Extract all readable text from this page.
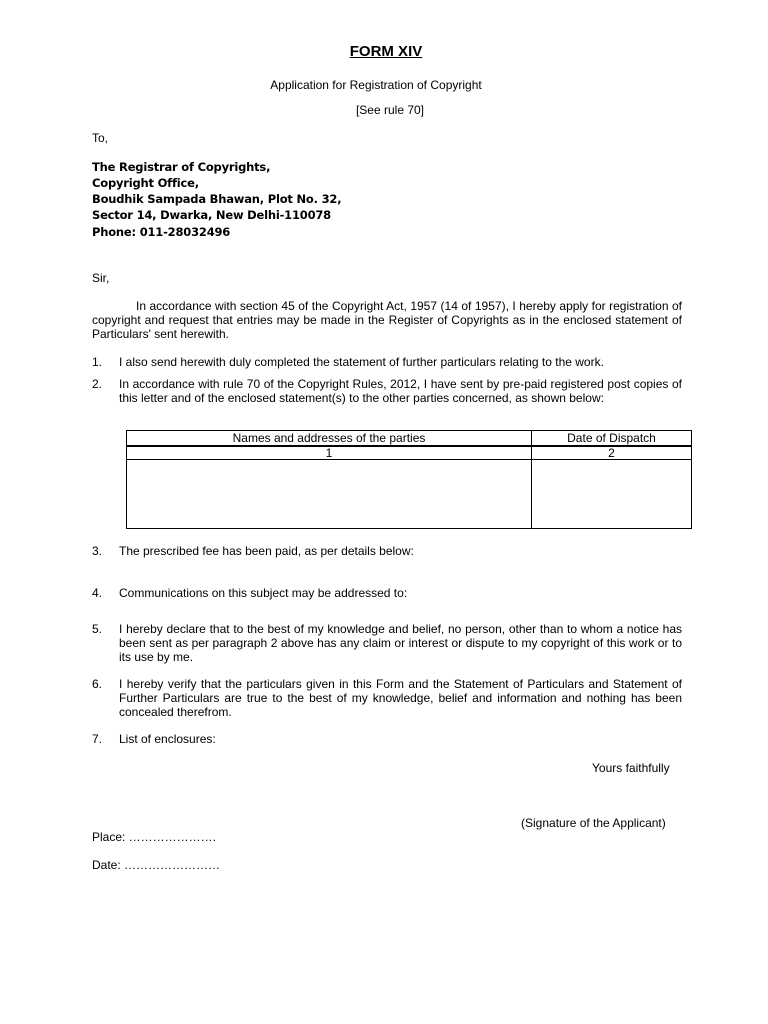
FORM XIV
Application for Registration of Copyright
[See rule 70]
To,
The Registrar of Copyrights,
Copyright Office,
Boudhik Sampada Bhawan, Plot No. 32,
Sector 14, Dwarka, New Delhi-110078
Phone: 011-28032496
Sir,
In accordance with section 45 of the Copyright Act, 1957 (14 of 1957), I hereby apply for registration of copyright and request that entries may be made in the Register of Copyrights as in the enclosed statement of Particulars' sent herewith.
1. I also send herewith duly completed the statement of further particulars relating to the work.
2. In accordance with rule 70 of the Copyright Rules, 2012, I have sent by pre-paid registered post copies of this letter and of the enclosed statement(s) to the other parties concerned, as shown below:
Names and addresses of the parties	Date of Dispatch
1	2

3. The prescribed fee has been paid, as per details below:
4. Communications on this subject may be addressed to:
5. I hereby declare that to the best of my knowledge and belief, no person, other than to whom a notice has been sent as per paragraph 2 above has any claim or interest or dispute to my copyright of this work or to its use by me.
6. I hereby verify that the particulars given in this Form and the Statement of Particulars and Statement of Further Particulars are true to the best of my knowledge, belief and information and nothing has been concealed therefrom.
7. List of enclosures:
Yours faithfully
(Signature of the Applicant)
Place: ………………….
Date: ……………………
